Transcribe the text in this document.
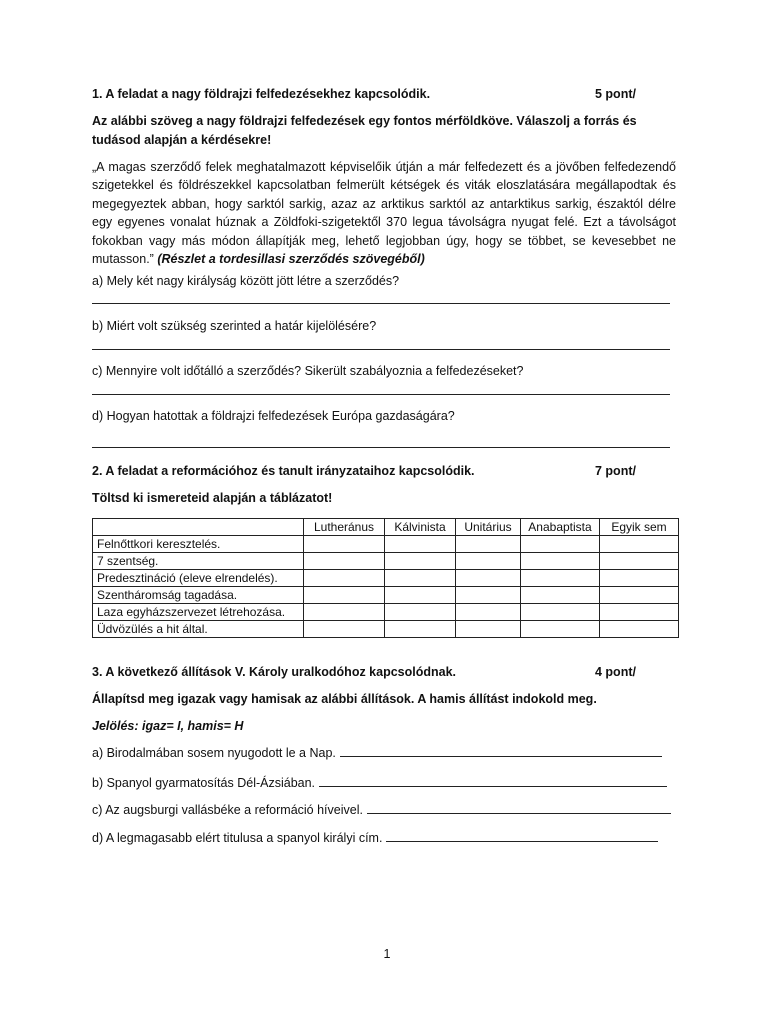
1. A feladat a nagy földrajzi felfedezésekhez kapcsolódik.	5 pont/
Az alábbi szöveg a nagy földrajzi felfedezések egy fontos mérföldköve. Válaszolj a forrás és tudásod alapján a kérdésekre!
„A magas szerződő felek meghatalmazott képviselőik útján a már felfedezett és a jövőben felfedezendő szigetekkel és földrészekkel kapcsolatban felmerült kétségek és viták eloszlatására megállapodtak és megegyeztek abban, hogy sarktól sarkig, azaz az arktikus sarktól az antarktikus sarkig, északtól délre egy egyenes vonalat húznak a Zöldfoki-szigetektől 370 legua távolságra nyugat felé. Ezt a távolságot fokokban vagy más módon állapítják meg, lehető legjobban úgy, hogy se többet, se kevesebbet ne mutasson.” (Részlet a tordesillasi szerződés szövegéből)
a) Mely két nagy királyság között jött létre a szerződés?
b) Miért volt szükség szerinted a határ kijelölésére?
c) Mennyire volt időtálló a szerződés? Sikerült szabályoznia a felfedezéseket?
d) Hogyan hatottak a földrajzi felfedezések Európa gazdaságára?
2. A feladat a reformációhoz és tanult irányzataihoz kapcsolódik.	7 pont/
Töltsd ki ismereteid alapján a táblázatot!
	Lutheránus	Kálvinista	Unitárius	Anabaptista	Egyik sem
Felnőttkori keresztelés.					
7 szentség.					
Predesztináció (eleve elrendelés).					
Szentháromság tagadása.					
Laza egyházszervezet létrehozása.					
Üdvözülés a hit által.					
3. A következő állítások V. Károly uralkodóhoz kapcsolódnak.	4 pont/
Állapítsd meg igazak vagy hamisak az alábbi állítások. A hamis állítást indokold meg.
Jelölés: igaz= I, hamis= H
a) Birodalmában sosem nyugodott le a Nap.
b) Spanyol gyarmatosítás Dél-Ázsiában.
c) Az augsburgi vallásbéke a reformáció híveivel.
d) A legmagasabb elért titulusa a spanyol királyi cím.
1
